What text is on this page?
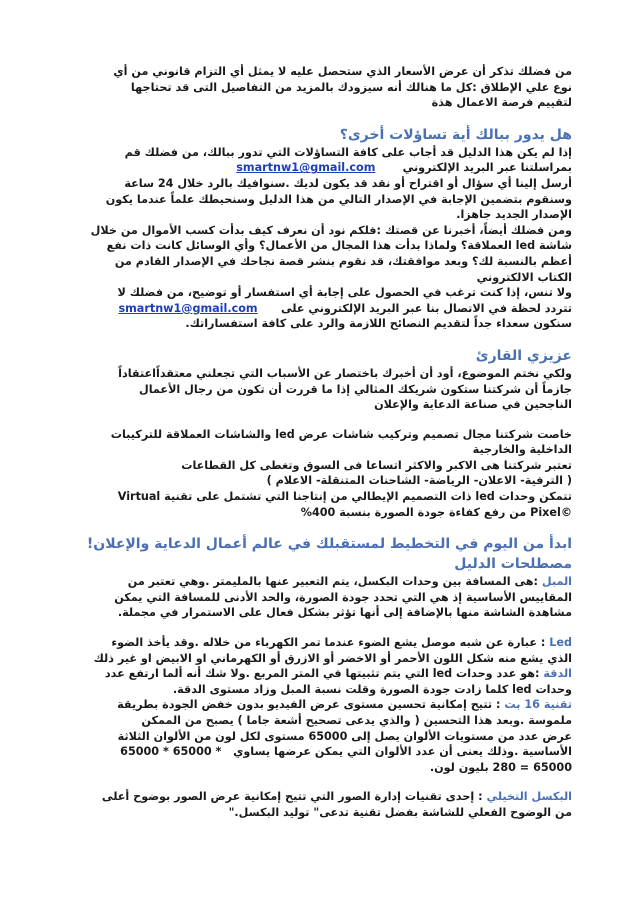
من فضلك تذكر أن عرض الأسعار الذي ستحصل عليه لا يمثل أي التزام قانوني من أي

نوع علي الإطلاق :كل ما هنالك أنه سيزودك بالمزيد من التفاصيل التى قد تحتاجها

لتقييم فرصة الاعمال هذة

هل يدور ببالك أية تساؤلات أخرى؟

إذا لم يكن هذا الدليل قد أجاب على كافة التساؤلات التي تدور ببالك، من فضلك قم

بمراسلتنا عبر البريد الإلكتروني       smartnw1@gmail.com

أرسل إلينا أي سؤال أو اقتراح أو نقد قد يكون لديك .سنوافيك بالرد خلال 24 ساعة

وسنقوم بتضمين الإجابة في الإصدار التالي من هذا الدليل وسنحيطك علماً عندما يكون

الإصدار الجديد جاهزا.

ومن فضلك أيضاً، أخبرنا عن قصتك :فلكم نود أن نعرف كيف بدأت كسب الأموال من خلال

شاشة led العملاقة؟ ولماذا بدأت هذا المجال من الأعمال؟ وأي الوسائل كانت ذات نفع

أعظم بالنسبة لك؟ وبعد موافقتك، قد نقوم بنشر قصة نجاحك في الإصدار القادم من

الكتاب الالكتروني

ولا تنس، إذا كنت ترغب في الحصول على إجابة أي استفسار أو توضيح، من فضلك لا

تتردد لحظة في الاتصال بنا عبر البريد الإلكتروني على      smartnw1@gmail.com

سنكون سعداء جداً لتقديم النصائح اللازمة والرد على كافة استفساراتك.

عزيزي القارئ

ولكي نختم الموضوع، أود أن أخبرك باختصار عن الأسباب التي تجعلني معتقداًاعتقاداً

جازماً أن شركتنا ستكون شريكك المثالي إذا ما قررت أن تكون من رجال الأعمال

الناجحين في صناعة الدعاية والإعلان

خاصت شركتنا مجال تصميم وتركيب شاشات عرض led والشاشات العملاقة للتركيبات

الداخلية والخارجية

تعتبر شركتنا هى الاكبر والاكثر اتساعا فى السوق وتغطى كل القطاعات

( الترفية- الاعلان- الرياضة- الشاحنات المتنقلة- الاعلام )

تتمكن وحدات led ذات التصميم الإيطالي من إنتاجنا التي تشتمل على تقنية Virtual

©Pixel من رفع كفاءة جودة الصورة بنسبة 400%

ابدأ من اليوم في التخطيط لمستقبلك في عالم أعمال الدعاية والإعلان!
مصطلحات الدليل

المبل :هى المسافة بين وحدات البكسل، يتم التعبير عنها بالمليمتر .وهي تعتبر من

المقاييس الأساسية إذ هي التي تحدد جودة الصورة، والحد الأدنى للمسافة التي يمكن

مشاهدة الشاشة منها بالإضافة إلى أنها تؤثر بشكل فعال على الاستمرار في مجملة.

Led : عبارة عن شبه موصل يشع الضوء عندما تمر الكهرباء من خلاله .وقد يأخذ الضوء

الذي يشع منه شكل اللون الأحمر أو الاخضر أو الازرق أو الكهرماني او الابيض او غير ذلك

الدقة :هو عدد وحدات led التي يتم تثبيتها في المتر المربع .ولا شك أنه ألما ارتفع عدد

وحدات led كلما زادت جودة الصورة وقلت نسبة المبل وزاد مستوى الدقة.

تقنية 16 بت : تتيح إمكانية تحسين مستوى عرض الفيديو بدون خفض الجودة بطريقة

ملموسة .وبعد هذا التحسين ( والذي يدعى تصحيح أشعة جاما ) يصبح من الممكن

عرض عدد من مستويات الألوان يصل إلى 65000 مستوى لكل لون من الألوان الثلاثة

الأساسية .وذلك يعنى أن عدد الألوان التي يمكن عرضها يساوي   65000 * 65000 *

65000 = 280 بليون لون.

البكسل التخيلي : إحدى تقنيات إدارة الصور التي تتيح إمكانية عرض الصور بوضوح أعلى

من الوضوح الفعلي للشاشة بفضل تقنية تدعى" توليد البكسل."
